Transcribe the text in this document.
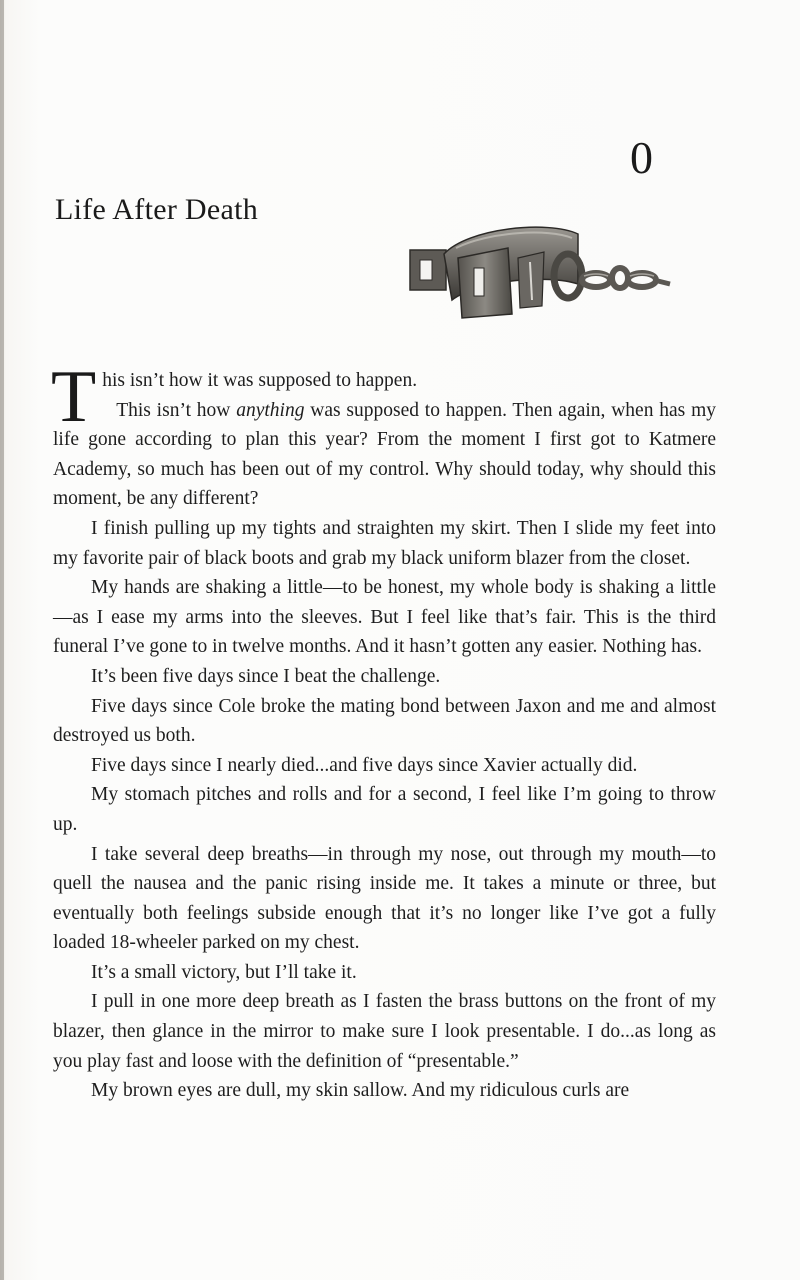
0
Life After Death

This isn’t how it was supposed to happen.
This isn’t how anything was supposed to happen. Then again, when has my life gone according to plan this year? From the moment I first got to Katmere Academy, so much has been out of my control. Why should today, why should this moment, be any different?

I finish pulling up my tights and straighten my skirt. Then I slide my feet into my favorite pair of black boots and grab my black uniform blazer from the closet.

My hands are shaking a little—to be honest, my whole body is shaking a little—as I ease my arms into the sleeves. But I feel like that’s fair. This is the third funeral I’ve gone to in twelve months. And it hasn’t gotten any easier. Nothing has.

It’s been five days since I beat the challenge.

Five days since Cole broke the mating bond between Jaxon and me and almost destroyed us both.

Five days since I nearly died...and five days since Xavier actually did.

My stomach pitches and rolls and for a second, I feel like I’m going to throw up.

I take several deep breaths—in through my nose, out through my mouth—to quell the nausea and the panic rising inside me. It takes a minute or three, but eventually both feelings subside enough that it’s no longer like I’ve got a fully loaded 18-wheeler parked on my chest.

It’s a small victory, but I’ll take it.

I pull in one more deep breath as I fasten the brass buttons on the front of my blazer, then glance in the mirror to make sure I look presentable. I do...as long as you play fast and loose with the definition of “presentable.”

My brown eyes are dull, my skin sallow. And my ridiculous curls are
